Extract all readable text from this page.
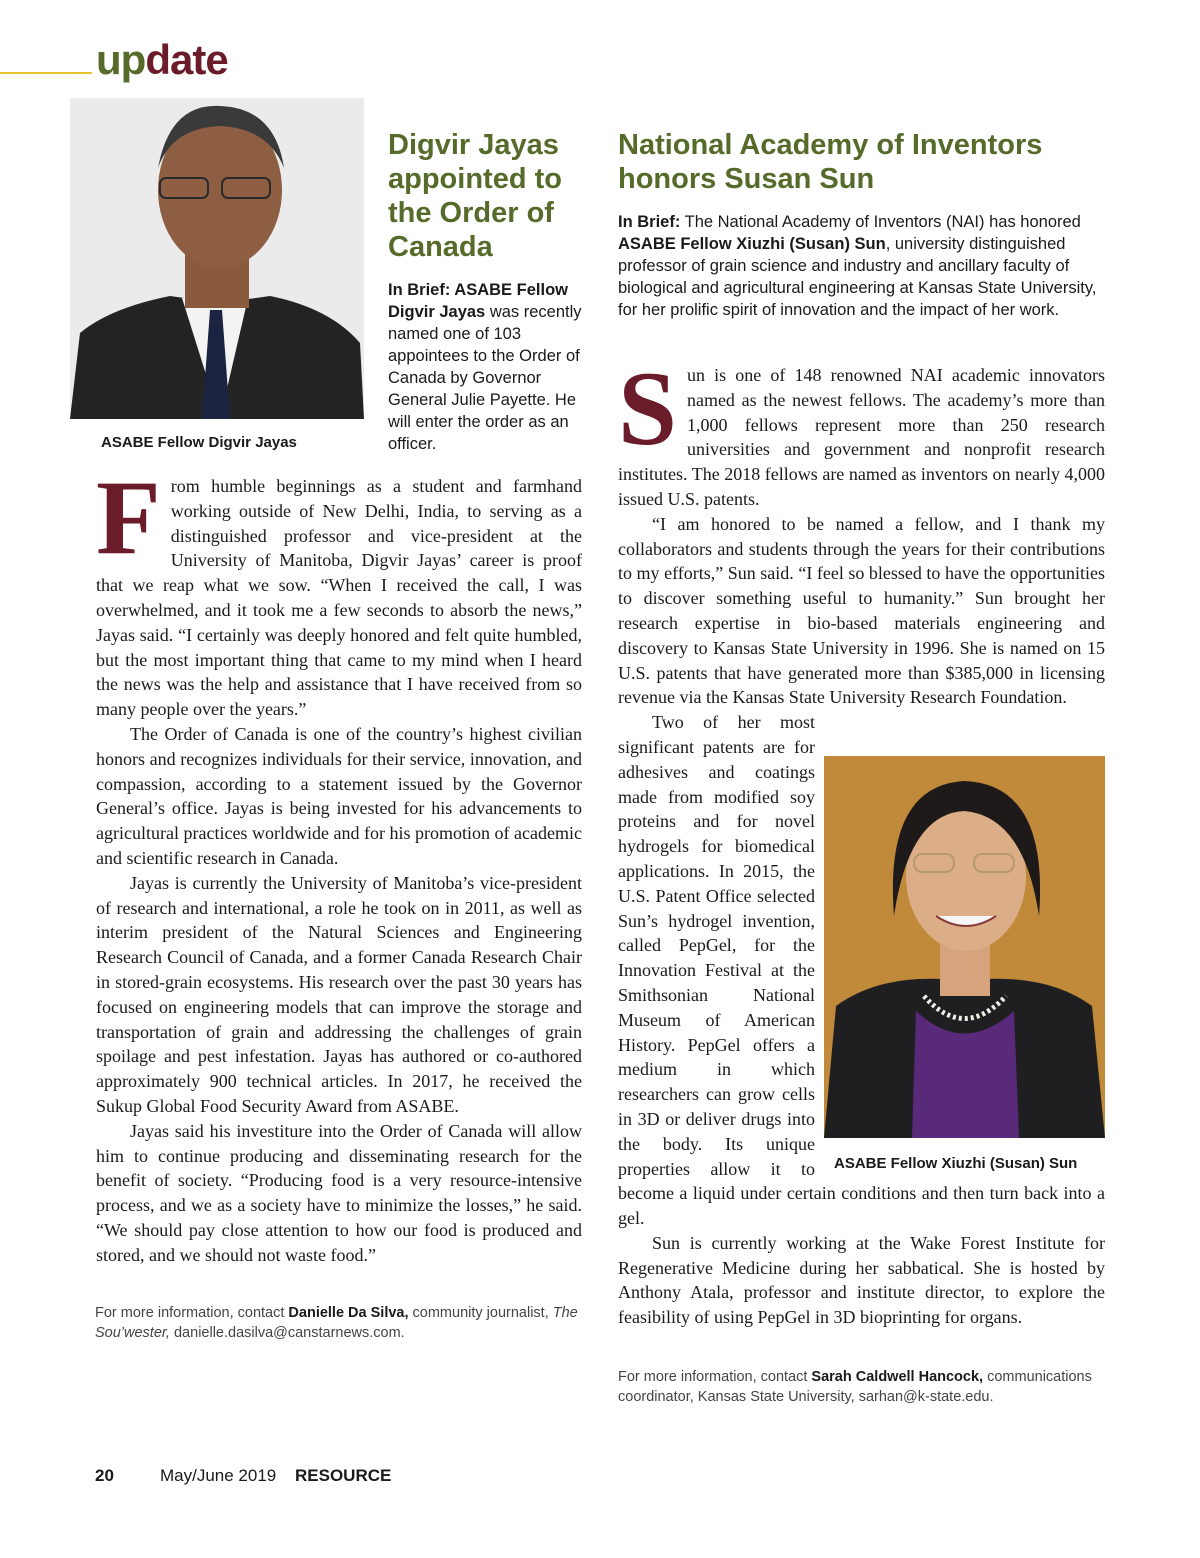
update
ASABE Fellow Digvir Jayas
Digvir Jayas appointed to the Order of Canada
In Brief: ASABE Fellow Digvir Jayas was recently named one of 103 appointees to the Order of Canada by Governor General Julie Payette. He will enter the order as an officer.
F rom humble beginnings as a student and farmhand working outside of New Delhi, India, to serving as a distinguished professor and vice-president at the University of Manitoba, Digvir Jayas’ career is proof that we reap what we sow. “When I received the call, I was overwhelmed, and it took me a few seconds to absorb the news,” Jayas said. “I certainly was deeply honored and felt quite humbled, but the most important thing that came to my mind when I heard the news was the help and assistance that I have received from so many people over the years.”

The Order of Canada is one of the country’s highest civilian honors and recognizes individuals for their service, innovation, and compassion, according to a statement issued by the Governor General’s office. Jayas is being invested for his advancements to agricultural practices worldwide and for his promotion of academic and scientific research in Canada.

Jayas is currently the University of Manitoba’s vice-president of research and international, a role he took on in 2011, as well as interim president of the Natural Sciences and Engineering Research Council of Canada, and a former Canada Research Chair in stored-grain ecosystems. His research over the past 30 years has focused on engineering models that can improve the storage and transportation of grain and addressing the challenges of grain spoilage and pest infestation. Jayas has authored or co-authored approximately 900 technical articles. In 2017, he received the Sukup Global Food Security Award from ASABE.

Jayas said his investiture into the Order of Canada will allow him to continue producing and disseminating research for the benefit of society. “Producing food is a very resource-intensive process, and we as a society have to minimize the losses,” he said. “We should pay close attention to how our food is produced and stored, and we should not waste food.”

For more information, contact Danielle Da Silva, community journalist, The Sou’wester, danielle.dasilva@canstarnews.com.
National Academy of Inventors
honors Susan Sun
In Brief: The National Academy of Inventors (NAI) has honored ASABE Fellow Xiuzhi (Susan) Sun, university distinguished professor of grain science and industry and ancillary faculty of biological and agricultural engineering at Kansas State University, for her prolific spirit of innovation and the impact of her work.
S un is one of 148 renowned NAI academic innovators named as the newest fellows. The academy’s more than 1,000 fellows represent more than 250 research universities and government and nonprofit research institutes. The 2018 fellows are named as inventors on nearly 4,000 issued U.S. patents.

“I am honored to be named a fellow, and I thank my collaborators and students through the years for their contributions to my efforts,” Sun said. “I feel so blessed to have the opportunities to discover something useful to humanity.” Sun brought her research expertise in bio-based materials engineering and discovery to Kansas State University in 1996. She is named on 15 U.S. patents that have generated more than $385,000 in licensing revenue via the Kansas State University Research Foundation.

Two of her most significant patents are for adhesives and coatings made from modified soy proteins and for novel hydrogels for biomedical applications. In 2015, the U.S. Patent Office selected Sun’s hydrogel invention, called PepGel, for the Innovation Festival at the Smithsonian National Museum of American History. PepGel offers a medium in which researchers can grow cells in 3D or deliver drugs into the body. Its unique properties allow it to become a liquid under certain conditions and then turn back into a gel.

Sun is currently working at the Wake Forest Institute for Regenerative Medicine during her sabbatical. She is hosted by Anthony Atala, professor and institute director, to explore the feasibility of using PepGel in 3D bioprinting for organs.

ASABE Fellow Xiuzhi (Susan) Sun
For more information, contact Sarah Caldwell Hancock, communications coordinator, Kansas State University, sarhan@k-state.edu.
20	May/June 2019 RESOURCE
